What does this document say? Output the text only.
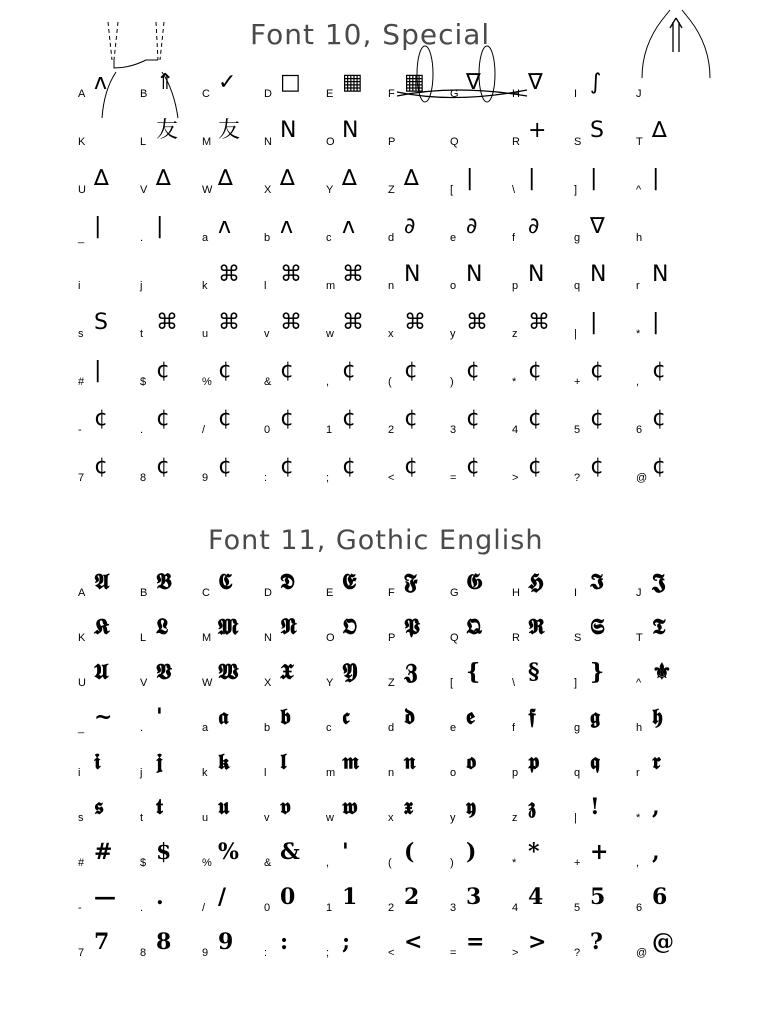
Font 10, Special
A ʌ	B ⇑	C ✓	D □ E ▦ F ▦ G ∇	H ∇	I ∫	J
K	L 友 M 友 N N	O N	P	Q	R +	S S	T ∆
U ∆	V ∆	W ∆	X ∆	Y ∆	Z ∆	[ |	\ |	] |	^ |
_ |	. |	a ʌ	b ʌ	c ʌ	d ∂	e ∂	f ∂	g ∇	h
i	j	k ⌘ l ⌘ m ⌘ n N	o N	p N	q N	r N
s S	t ⌘ u ⌘ v ⌘ w ⌘ x ⌘ y ⌘ z ⌘ | |	* |
# |	$ ¢	% ¢	& ¢	, ¢	( ¢	) ¢	* ¢	+ ¢	, ¢
- ¢	. ¢	/ ¢	0 ¢	1 ¢	2 ¢	3 ¢	4 ¢	5 ¢	6 ¢
7 ¢	8 ¢	9 ¢	: ¢	; ¢	< ¢	= ¢	> ¢	? ¢	@ ¢
Font 11, Gothic English
A 𝕬	B 𝕭	C 𝕮	D 𝕯	E 𝕰	F 𝕱	G 𝕲	H 𝕳	I 𝕴	J 𝕵
K 𝕶	L 𝕷	M 𝕸 N 𝕹	O 𝕺	P 𝕻	Q 𝕼	R 𝕽	S 𝕾	T 𝕿
U 𝖀	V 𝖁	W 𝖂 X 𝖃	Y 𝖄	Z 𝖅	[ {	\ §	] }	^ ⚜
_ ~	. '	a 𝖆	b 𝖇	c 𝖈	d 𝖉	e 𝖊	f 𝖋	g 𝖌	h 𝖍
i 𝖎	j 𝖏	k 𝖐	l 𝖑	m 𝖒	n 𝖓	o 𝖔	p 𝖕	q 𝖖	r 𝖗
s 𝖘	t 𝖙	u 𝖚	v 𝖛	w 𝖜	x 𝖝	y 𝖞	z 𝖟	| !	* ,
# #	$ $	% % & & , '	( (	) )	* *	+ +	, ,
- — . .	/ /	0 0	1 1	2 2	3 3	4 4	5 5	6 6
7 7	8 8	9 9	: :	; ;	< <	= =	> >	? ?	@ @
